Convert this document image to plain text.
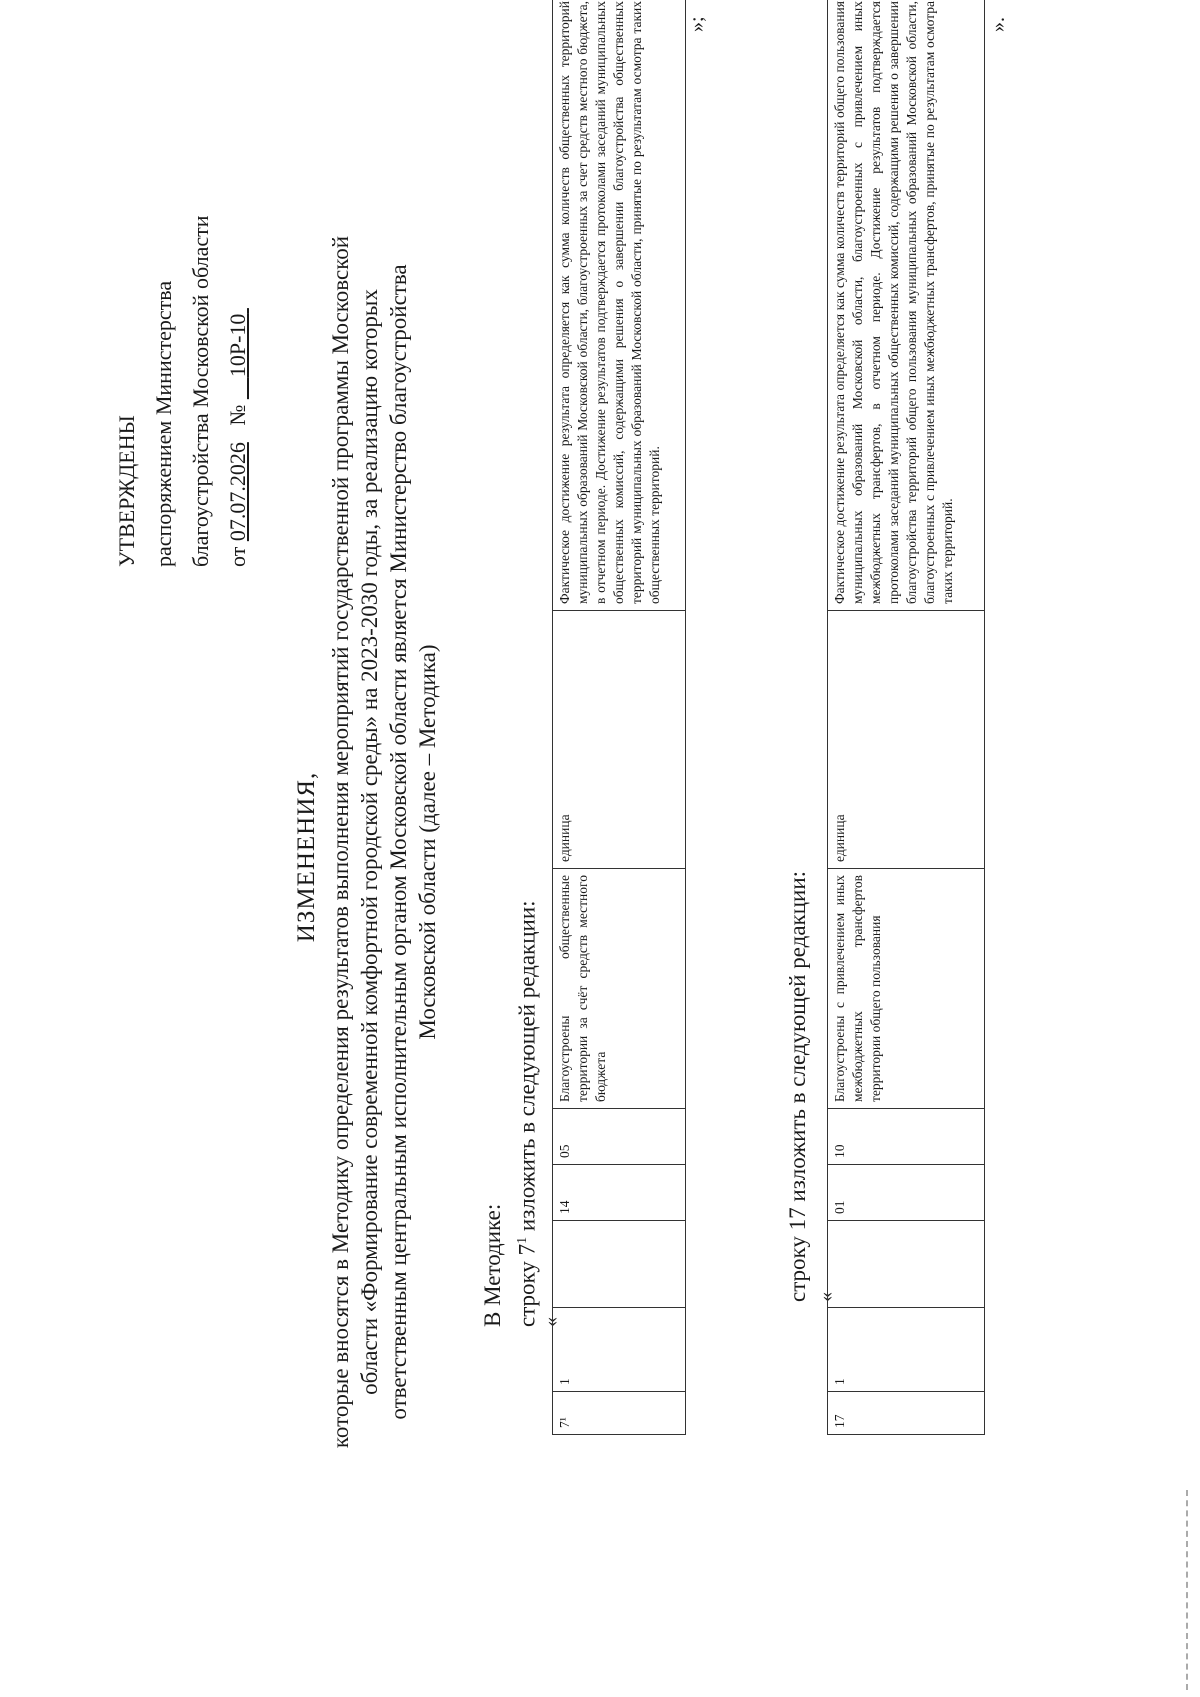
УТВЕРЖДЕНЫ распоряжением Министерства благоустройства Московской области от 07.07.2026   №     10Р-10
ИЗМЕНЕНИЯ, которые вносятся в Методику определения результатов выполнения мероприятий государственной программы Московской области «Формирование современной комфортной городской среды» на 2023-2030 годы, за реализацию которых ответственным центральным исполнительным органом Московской области является Министерство благоустройства Московской области (далее – Методика)
В Методике: строку $7^1$ изложить в следующей редакции:
«
7¹	1		14	05	Благоустроены общественные территории за счёт средств местного бюджета	единица	Фактическое достижение результата определяется как сумма количеств общественных территорий муниципальных образований Московской области, благоустроенных за счет средств местного бюджета, в отчетном периоде. Достижение результатов подтверждается протоколами заседаний муниципальных общественных комиссий, содержащими решения о завершении благоустройства общественных территорий муниципальных образований Московской области, принятые по результатам осмотра таких общественных территорий.
»;
строку 17 изложить в следующей редакции: «
17	1		01	10	Благоустроены с привлечением иных межбюджетных трансфертов территории общего пользования	единица	Фактическое достижение результата определяется как сумма количеств территорий общего пользования муниципальных образований Московской области, благоустроенных с привлечением иных межбюджетных трансфертов, в отчетном периоде. Достижение результатов подтверждается протоколами заседаний муниципальных общественных комиссий, содержащими решения о завершении благоустройства территорий общего пользования муниципальных образований Московской области, благоустроенных с привлечением иных межбюджетных трансфертов, принятые по результатам осмотра таких территорий.
».
